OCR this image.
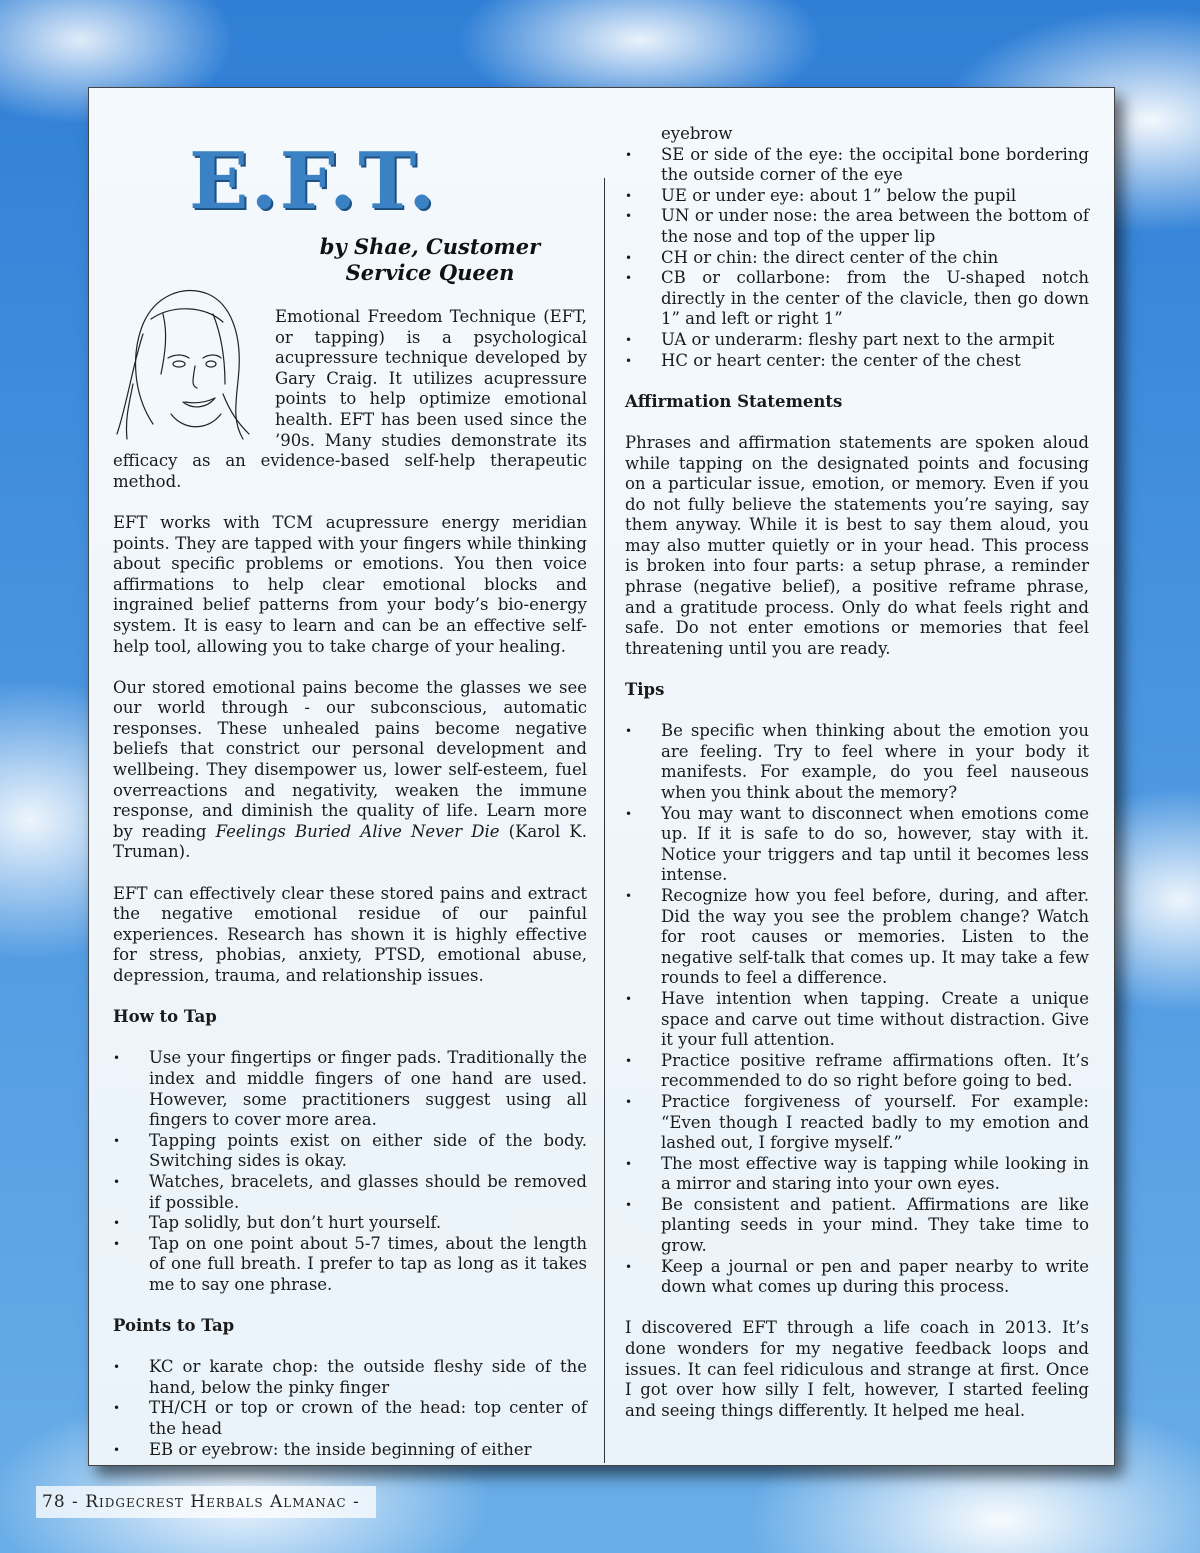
E.F.T.
by Shae, Customer Service Queen

Emotional Freedom Technique (EFT, or tapping) is a psychological acupressure technique developed by Gary Craig. It utilizes acupressure points to help optimize emotional health. EFT has been used since the ’90s. Many studies demonstrate its efficacy as an evidence-based self-help therapeutic method.

EFT works with TCM acupressure energy meridian points. They are tapped with your fingers while thinking about specific problems or emotions. You then voice affirmations to help clear emotional blocks and ingrained belief patterns from your body’s bio-energy system. It is easy to learn and can be an effective self-help tool, allowing you to take charge of your healing.

Our stored emotional pains become the glasses we see our world through - our subconscious, automatic responses. These unhealed pains become negative beliefs that constrict our personal development and wellbeing. They disempower us, lower self-esteem, fuel overreactions and negativity, weaken the immune response, and diminish the quality of life. Learn more by reading Feelings Buried Alive Never Die (Karol K. Truman).

EFT can effectively clear these stored pains and extract the negative emotional residue of our painful experiences. Research has shown it is highly effective for stress, phobias, anxiety, PTSD, emotional abuse, depression, trauma, and relationship issues.

How to Tap
• Use your fingertips or finger pads. Traditionally the index and middle fingers of one hand are used. However, some practitioners suggest using all fingers to cover more area.
• Tapping points exist on either side of the body. Switching sides is okay.
• Watches, bracelets, and glasses should be removed if possible.
• Tap solidly, but don’t hurt yourself.
• Tap on one point about 5-7 times, about the length of one full breath. I prefer to tap as long as it takes me to say one phrase.
Points to Tap
• KC or karate chop: the outside fleshy side of the hand, below the pinky finger
• TH/CH or top or crown of the head: top center of the head
• EB or eyebrow: the inside beginning of either
eyebrow
• SE or side of the eye: the occipital bone bordering the outside corner of the eye
• UE or under eye: about 1” below the pupil
• UN or under nose: the area between the bottom of the nose and top of the upper lip
• CH or chin: the direct center of the chin
• CB or collarbone: from the U-shaped notch directly in the center of the clavicle, then go down 1” and left or right 1”
• UA or underarm: fleshy part next to the armpit
• HC or heart center: the center of the chest
Affirmation Statements

Phrases and affirmation statements are spoken aloud while tapping on the designated points and focusing on a particular issue, emotion, or memory. Even if you do not fully believe the statements you’re saying, say them anyway. While it is best to say them aloud, you may also mutter quietly or in your head. This process is broken into four parts: a setup phrase, a reminder phrase (negative belief), a positive reframe phrase, and a gratitude process. Only do what feels right and safe. Do not enter emotions or memories that feel threatening until you are ready.

Tips
• Be specific when thinking about the emotion you are feeling. Try to feel where in your body it manifests. For example, do you feel nauseous when you think about the memory?
• You may want to disconnect when emotions come up. If it is safe to do so, however, stay with it. Notice your triggers and tap until it becomes less intense.
• Recognize how you feel before, during, and after. Did the way you see the problem change? Watch for root causes or memories. Listen to the negative self-talk that comes up. It may take a few rounds to feel a difference.
• Have intention when tapping. Create a unique space and carve out time without distraction. Give it your full attention.
• Practice positive reframe affirmations often. It’s recommended to do so right before going to bed.
• Practice forgiveness of yourself. For example: “Even though I reacted badly to my emotion and lashed out, I forgive myself.”
• The most effective way is tapping while looking in a mirror and staring into your own eyes.
• Be consistent and patient. Affirmations are like planting seeds in your mind. They take time to grow.
• Keep a journal or pen and paper nearby to write down what comes up during this process.

I discovered EFT through a life coach in 2013. It’s done wonders for my negative feedback loops and issues. It can feel ridiculous and strange at first. Once I got over how silly I felt, however, I started feeling and seeing things differently. It helped me heal.

78 - Ridgecrest Herbals Almanac -
